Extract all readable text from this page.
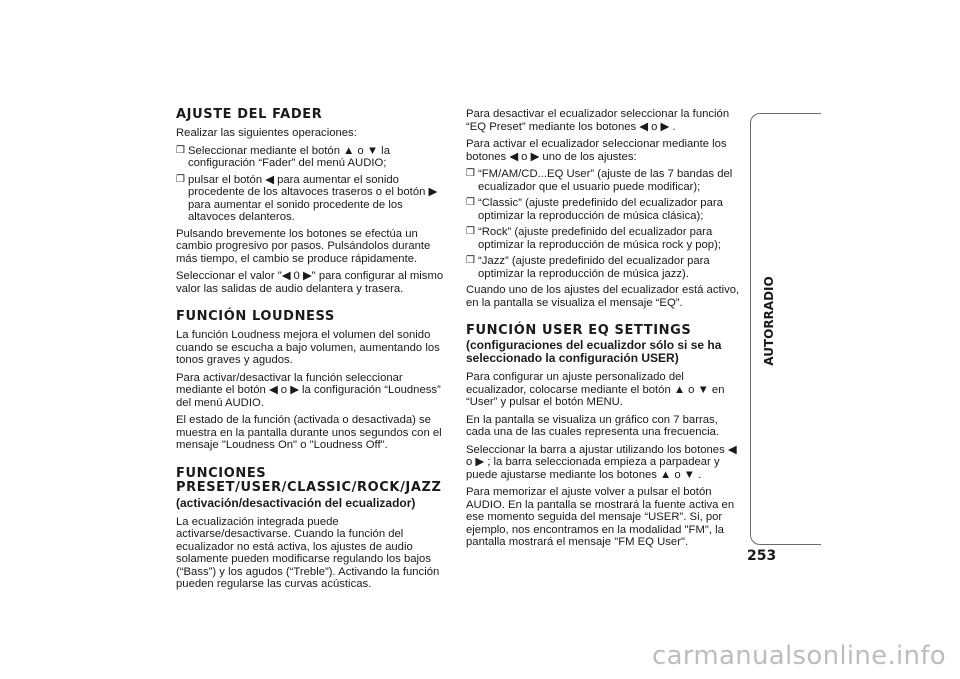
AJUSTE DEL FADER

Realizar las siguientes operaciones:

❒ Seleccionar mediante el botón ▲ o ▼ la configuración “Fader” del menú AUDIO;
❒ pulsar el botón ◀ para aumentar el sonido procedente de los altavoces traseros o el botón ▶ para aumentar el sonido procedente de los altavoces delanteros.

Pulsando brevemente los botones se efectúa un cambio progresivo por pasos. Pulsándolos durante más tiempo, el cambio se produce rápidamente.

Seleccionar el valor "◀ 0 ▶" para configurar al mismo valor las salidas de audio delantera y trasera.

FUNCIÓN LOUDNESS

La función Loudness mejora el volumen del sonido cuando se escucha a bajo volumen, aumentando los tonos graves y agudos.

Para activar/desactivar la función seleccionar mediante el botón ◀ o ▶ la configuración “Loudness” del menú AUDIO.

El estado de la función (activada o desactivada) se muestra en la pantalla durante unos segundos con el mensaje "Loudness On" o "Loudness Off".

FUNCIONES
PRESET/USER/CLASSIC/ROCK/JAZZ
(activación/desactivación del ecualizador)

La ecualización integrada puede activarse/desactivarse. Cuando la función del ecualizador no está activa, los ajustes de audio solamente pueden modificarse regulando los bajos (“Bass”) y los agudos (“Treble”). Activando la función pueden regularse las curvas acústicas.

Para desactivar el ecualizador seleccionar la función “EQ Preset” mediante los botones ◀ o ▶ .

Para activar el ecualizador seleccionar mediante los botones ◀ o ▶ uno de los ajustes:

❒ “FM/AM/CD...EQ User” (ajuste de las 7 bandas del ecualizador que el usuario puede modificar);
❒ “Classic” (ajuste predefinido del ecualizador para optimizar la reproducción de música clásica);
❒ “Rock” (ajuste predefinido del ecualizador para optimizar la reproducción de música rock y pop);
❒ “Jazz” (ajuste predefinido del ecualizador para optimizar la reproducción de música jazz).

Cuando uno de los ajustes del ecualizador está activo, en la pantalla se visualiza el mensaje “EQ”.

FUNCIÓN USER EQ SETTINGS
(configuraciones del ecualizdor sólo si se ha
seleccionado la configuración USER)

Para configurar un ajuste personalizado del ecualizador, colocarse mediante el botón ▲ o ▼ en “User” y pulsar el botón MENU.

En la pantalla se visualiza un gráfico con 7 barras, cada una de las cuales representa una frecuencia.

Seleccionar la barra a ajustar utilizando los botones ◀ o ▶ ; la barra seleccionada empieza a parpadear y puede ajustarse mediante los botones ▲ o ▼ .

Para memorizar el ajuste volver a pulsar el botón AUDIO. En la pantalla se mostrará la fuente activa en ese momento seguida del mensaje “USER”. Si, por ejemplo, nos encontramos en la modalidad "FM", la pantalla mostrará el mensaje "FM EQ User".

AUTORRADIO
253
carmanualsonline.info
